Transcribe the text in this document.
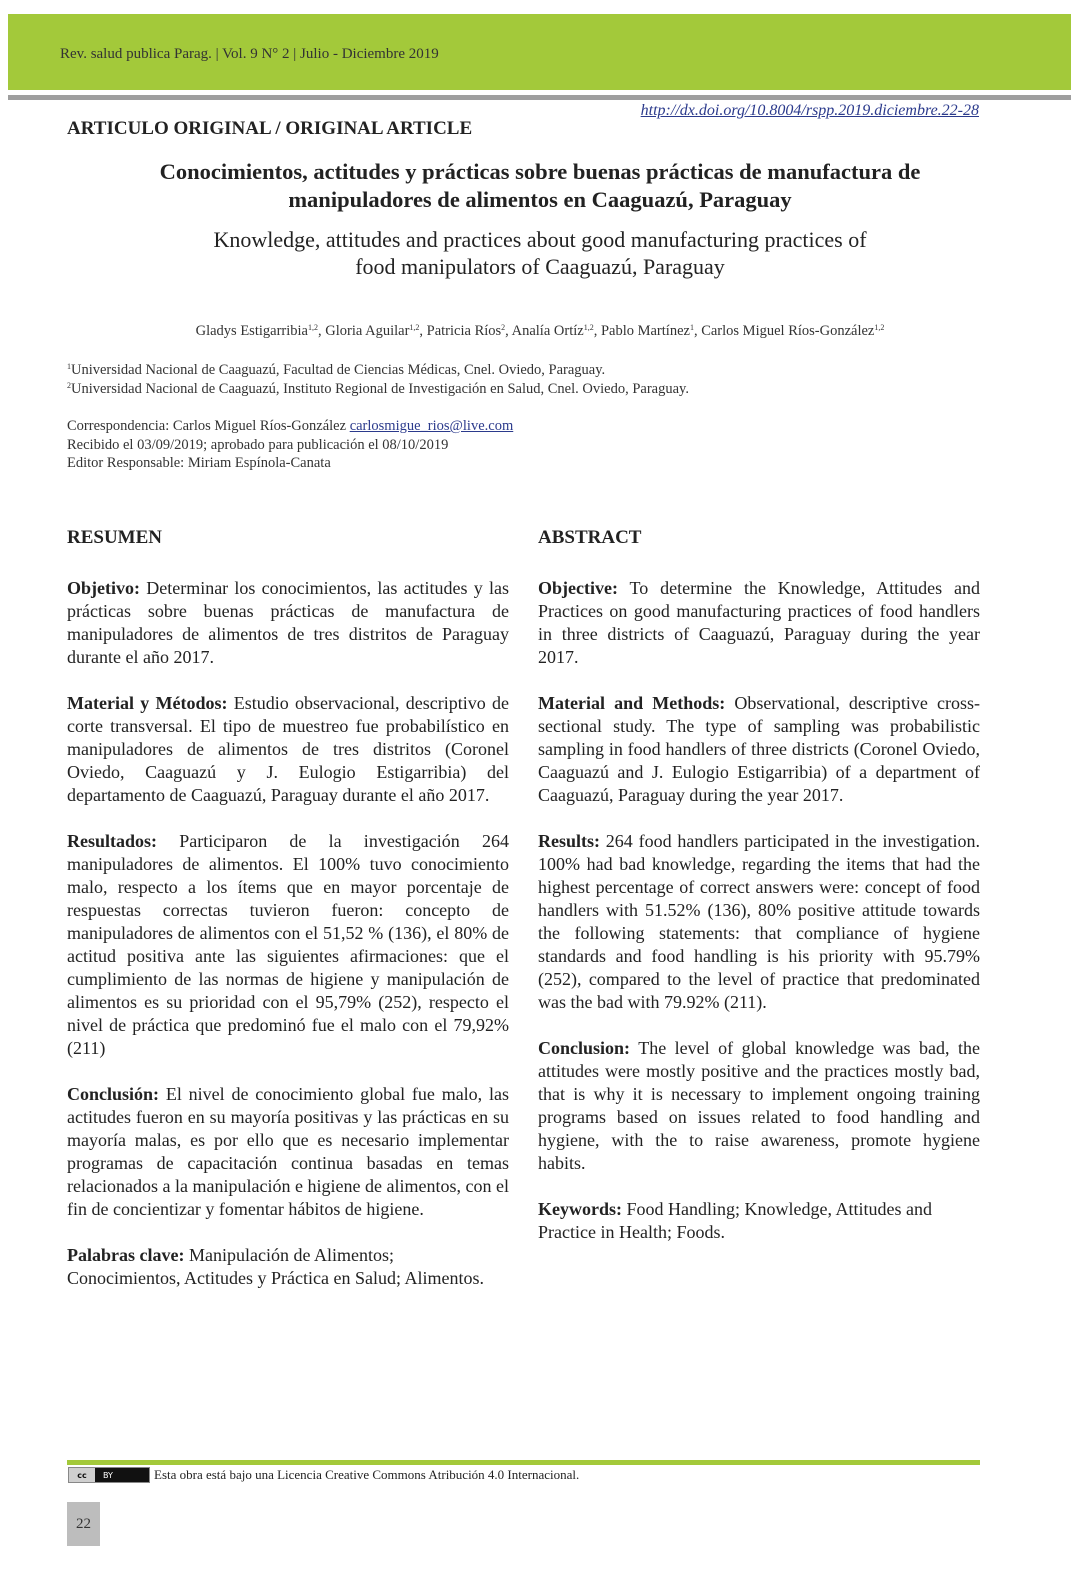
Rev. salud publica Parag. | Vol. 9 N° 2 | Julio - Diciembre 2019
ARTICULO ORIGINAL / ORIGINAL ARTICLE
http://dx.doi.org/10.8004/rspp.2019.diciembre.22-28
Conocimientos, actitudes y prácticas sobre buenas prácticas de manufactura de
manipuladores de alimentos en Caaguazú, Paraguay
Knowledge, attitudes and practices about good manufacturing practices of
food manipulators of Caaguazú, Paraguay
Gladys Estigarribia$^{1,2}$, Gloria Aguilar$^{1,2}$, Patricia Ríos$^2$, Analía Ortíz$^{1,2}$, Pablo Martínez$^1$, Carlos Miguel Ríos-González$^{1,2}$
$^1$Universidad Nacional de Caaguazú, Facultad de Ciencias Médicas, Cnel. Oviedo, Paraguay.
$^2$Universidad Nacional de Caaguazú, Instituto Regional de Investigación en Salud, Cnel. Oviedo, Paraguay.
Correspondencia: Carlos Miguel Ríos-González carlosmigue_rios@live.com
Recibido el 03/09/2019; aprobado para publicación el 08/10/2019
Editor Responsable: Miriam Espínola-Canata
RESUMEN

Objetivo: Determinar los conocimientos, las actitudes y las prácticas sobre buenas prácticas de manufactura de manipuladores de alimentos de tres distritos de Paraguay durante el año 2017.

Material y Métodos: Estudio observacional, descriptivo de corte transversal. El tipo de muestreo fue probabilístico en manipuladores de alimentos de tres distritos (Coronel Oviedo, Caaguazú y J. Eulogio Estigarribia) del departamento de Caaguazú, Paraguay durante el año 2017.

Resultados: Participaron de la investigación 264 manipuladores de alimentos. El 100% tuvo conocimiento malo, respecto a los ítems que en mayor porcentaje de respuestas correctas tuvieron fueron: concepto de manipuladores de alimentos con el 51,52 % (136), el 80% de actitud positiva ante las siguientes afirmaciones: que el cumplimiento de las normas de higiene y manipulación de alimentos es su prioridad con el 95,79% (252), respecto el nivel de práctica que predominó fue el malo con el 79,92% (211)

Conclusión: El nivel de conocimiento global fue malo, las actitudes fueron en su mayoría positivas y las prácticas en su mayoría malas, es por ello que es necesario implementar programas de capacitación continua basadas en temas relacionados a la manipulación e higiene de alimentos, con el fin de concientizar y fomentar hábitos de higiene.

Palabras clave: Manipulación de Alimentos; Conocimientos, Actitudes y Práctica en Salud; Alimentos.

ABSTRACT

Objective: To determine the Knowledge, Attitudes and Practices on good manufacturing practices of food handlers in three districts of Caaguazú, Paraguay during the year 2017.

Material and Methods: Observational, descriptive cross-sectional study. The type of sampling was probabilistic sampling in food handlers of three districts (Coronel Oviedo, Caaguazú and J. Eulogio Estigarribia) of a department of Caaguazú, Paraguay during the year 2017.

Results: 264 food handlers participated in the investigation. 100% had bad knowledge, regarding the items that had the highest percentage of correct answers were: concept of food handlers with 51.52% (136), 80% positive attitude towards the following statements: that compliance of hygiene standards and food handling is his priority with 95.79% (252), compared to the level of practice that predominated was the bad with 79.92% (211).

Conclusion: The level of global knowledge was bad, the attitudes were mostly positive and the practices mostly bad, that is why it is necessary to implement ongoing training programs based on issues related to food handling and hygiene, with the to raise awareness, promote hygiene habits.

Keywords: Food Handling; Knowledge, Attitudes and Practice in Health; Foods.

cc	BY	Esta obra está bajo una Licencia Creative Commons Atribución 4.0 Internacional.
22
